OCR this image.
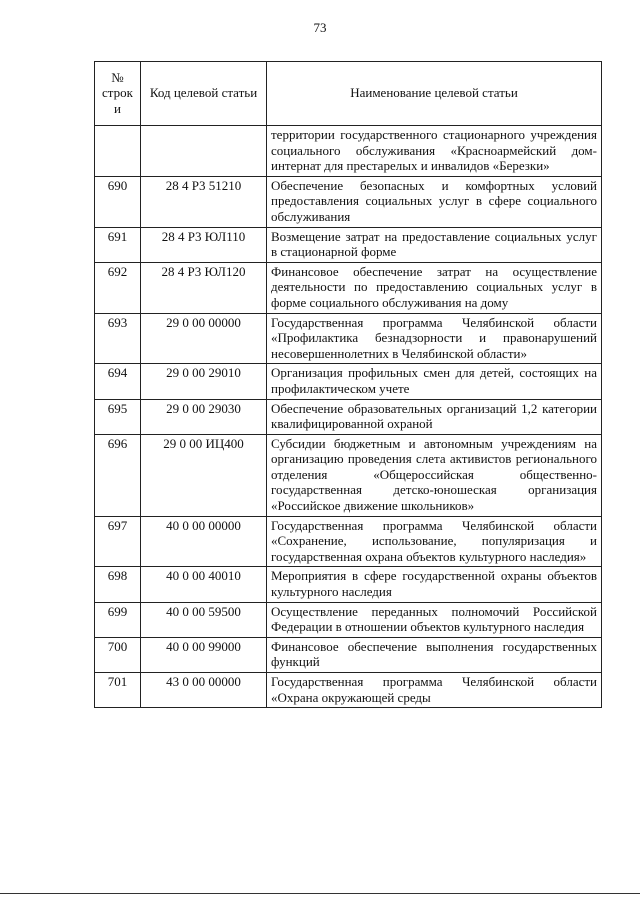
73
№ строк и	Код целевой статьи	Наименование целевой статьи
		территории государственного стационарного учреждения социального обслуживания «Красноармейский дом-интернат для престарелых и инвалидов «Березки»
690	28 4 Р3 51210	Обеспечение безопасных и комфортных условий предоставления социальных услуг в сфере социального обслуживания
691	28 4 Р3 ЮЛ110	Возмещение затрат на предоставление социальных услуг в стационарной форме
692	28 4 Р3 ЮЛ120	Финансовое обеспечение затрат на осуществление деятельности по предоставлению социальных услуг в форме социального обслуживания на дому
693	29 0 00 00000	Государственная программа Челябинской области «Профилактика безнадзорности и правонарушений несовершеннолетних в Челябинской области»
694	29 0 00 29010	Организация профильных смен для детей, состоящих на профилактическом учете
695	29 0 00 29030	Обеспечение образовательных организаций 1,2 категории квалифицированной охраной
696	29 0 00 ИЦ400	Субсидии бюджетным и автономным учреждениям на организацию проведения слета активистов регионального отделения «Общероссийская общественно-государственная детско-юношеская организация «Российское движение школьников»
697	40 0 00 00000	Государственная программа Челябинской области «Сохранение, использование, популяризация и государственная охрана объектов культурного наследия»
698	40 0 00 40010	Мероприятия в сфере государственной охраны объектов культурного наследия
699	40 0 00 59500	Осуществление переданных полномочий Российской Федерации в отношении объектов культурного наследия
700	40 0 00 99000	Финансовое обеспечение выполнения государственных функций
701	43 0 00 00000	Государственная программа Челябинской области «Охрана окружающей среды
